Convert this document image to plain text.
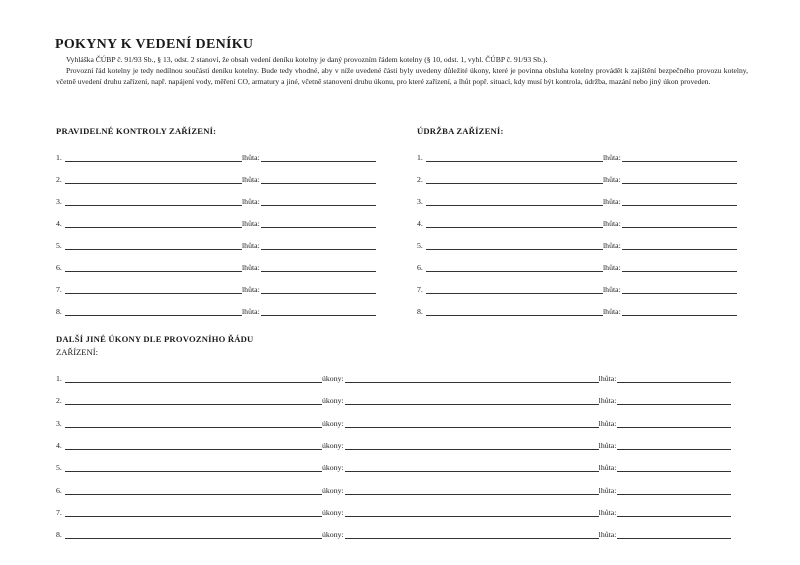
POKYNY K VEDENÍ DENÍKU

Vyhláška ČÚBP č. 91/93 Sb., § 13, odst. 2 stanoví, že obsah vedení deníku kotelny je daný provozním řádem kotelny (§ 10, odst. 1, vyhl. ČÚBP č. 91/93 Sb.).

Provozní řád kotelny je tedy nedílnou součástí deníku kotelny. Bude tedy vhodné, aby v níže uvedené části byly uvedeny důležité úkony, které je povinna obsluha kotelny provádět k zajištění bezpečného provozu kotelny, včetně uvedení druhu zařízení, např. napájení vody, měření CO, armatury a jiné, včetně stanovení druhu úkonu, pro které zařízení, a lhůt popř. situací, kdy musí být kontrola, údržba, mazání nebo jiný úkon proveden.

PRAVIDELNÉ KONTROLY ZAŘÍZENÍ:	ÚDRŽBA ZAŘÍZENÍ:
1.	lhůta:
2.	lhůta:
3.	lhůta:
4.	lhůta:
5.	lhůta:
6.	lhůta:
7.	lhůta:
8.	lhůta:
1.	lhůta:
2.	lhůta:
3.	lhůta:
4.	lhůta:
5.	lhůta:
6.	lhůta:
7.	lhůta:
8.	lhůta:
DALŠÍ JINÉ ÚKONY DLE PROVOZNÍHO ŘÁDU
ZAŘÍZENÍ:
1.	úkony:	lhůta:
2.	úkony:	lhůta:
3.	úkony:	lhůta:
4.	úkony:	lhůta:
5.	úkony:	lhůta:
6.	úkony:	lhůta:
7.	úkony:	lhůta:
8.	úkony:	lhůta:
